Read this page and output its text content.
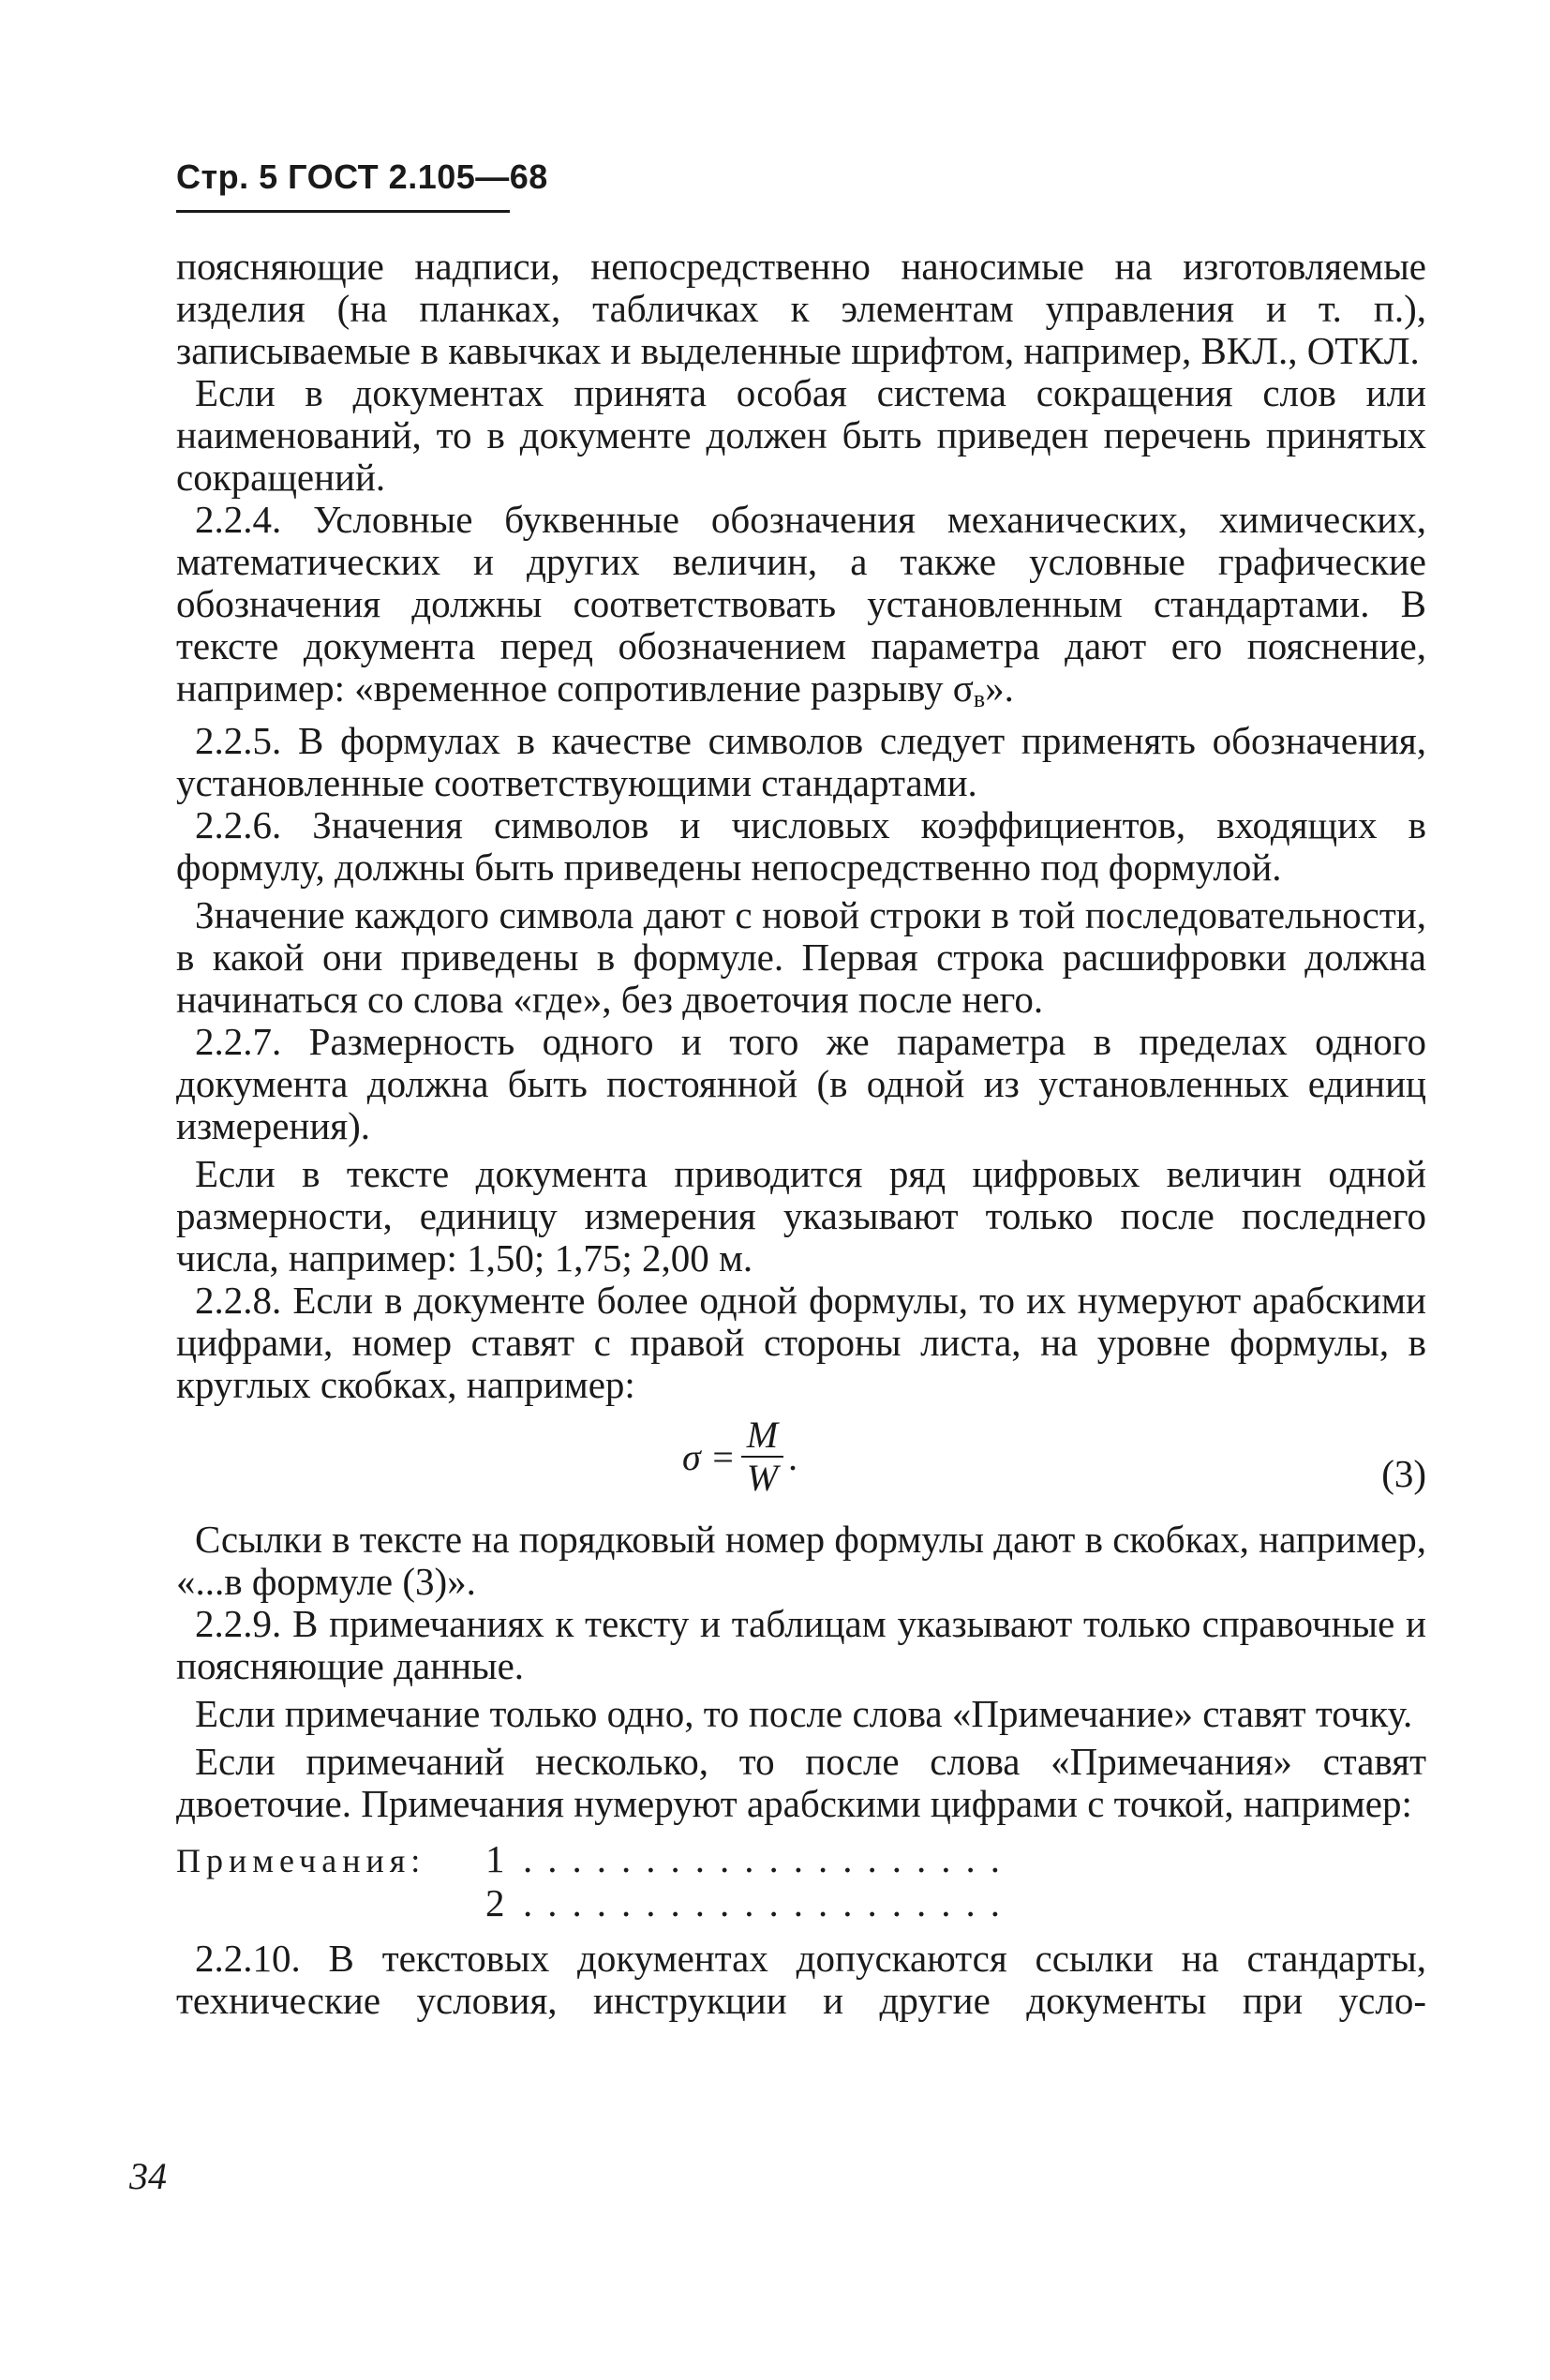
Стр. 5 ГОСТ 2.105—68

поясняющие надписи, непосредственно наносимые на изготовляемые изделия (на планках, табличках к элементам управления и т. п.), записываемые в кавычках и выделенные шрифтом, например, ВКЛ., ОТКЛ.

Если в документах принята особая система сокращения слов или наименований, то в документе должен быть приведен перечень принятых сокращений.

2.2.4. Условные буквенные обозначения механических, химических, математических и других величин, а также условные графические обозначения должны соответствовать установленным стандартами. В тексте документа перед обозначением параметра дают его пояснение, например: «временное сопротивление разрыву $\sigma_в$».

2.2.5. В формулах в качестве символов следует применять обозначения, установленные соответствующими стандартами.

2.2.6. Значения символов и числовых коэффициентов, входящих в формулу, должны быть приведены непосредственно под формулой.

Значение каждого символа дают с новой строки в той последовательности, в какой они приведены в формуле. Первая строка расшифровки должна начинаться со слова «где», без двоеточия после него.

2.2.7. Размерность одного и того же параметра в пределах одного документа должна быть постоянной (в одной из установленных единиц измерения).

Если в тексте документа приводится ряд цифровых величин одной размерности, единицу измерения указывают только после последнего числа, например: 1,50; 1,75; 2,00 м.

2.2.8. Если в документе более одной формулы, то их нумеруют арабскими цифрами, номер ставят с правой стороны листа, на уровне формулы, в круглых скобках, например:

$\sigma = \frac{M}{W}$ .	(3)

Ссылки в тексте на порядковый номер формулы дают в скобках, например, «...в формуле (3)».

2.2.9. В примечаниях к тексту и таблицам указывают только справочные и поясняющие данные.

Если примечание только одно, то после слова «Примечание» ставят точку.

Если примечаний несколько, то после слова «Примечания» ставят двоеточие. Примечания нумеруют арабскими цифрами с точкой, например:

Примечания:	1 ....................
2 ....................

2.2.10. В текстовых документах допускаются ссылки на стандарты, технические условия, инструкции и другие документы при усло-

34
